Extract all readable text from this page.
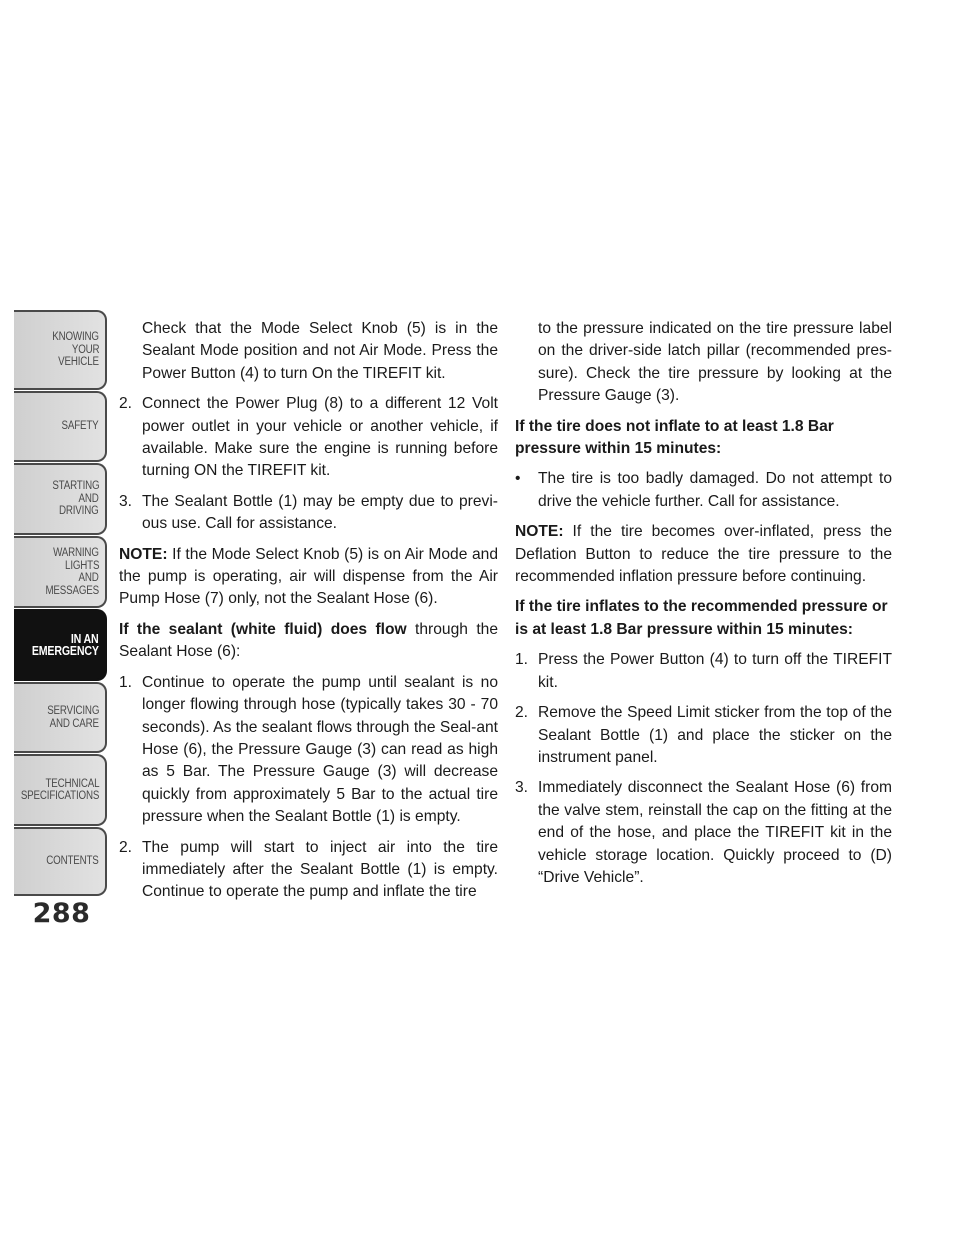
KNOWING
YOUR
VEHICLE
SAFETY
STARTING
AND
DRIVING
WARNING
LIGHTS
AND
MESSAGES
IN AN
EMERGENCY
SERVICING
AND CARE
TECHNICAL
SPECIFICATIONS
CONTENTS
288

Check that the Mode Select Knob (5) is in the Sealant Mode position and not Air Mode. Press the Power Button (4) to turn On the TIREFIT kit.

2. Connect the Power Plug (8) to a different 12 Volt power outlet in your vehicle or another vehicle, if available. Make sure the engine is running before turning ON the TIREFIT kit.
3. The Sealant Bottle (1) may be empty due to previ-ous use. Call for assistance.

NOTE: If the Mode Select Knob (5) is on Air Mode and the pump is operating, air will dispense from the Air Pump Hose (7) only, not the Sealant Hose (6).

If the sealant (white fluid) does flow through the Sealant Hose (6):

1. Continue to operate the pump until sealant is no longer flowing through hose (typically takes 30 - 70 seconds). As the sealant flows through the Seal-ant Hose (6), the Pressure Gauge (3) can read as high as 5 Bar. The Pressure Gauge (3) will decrease quickly from approximately 5 Bar to the actual tire pressure when the Sealant Bottle (1) is empty.
2. The pump will start to inject air into the tire immediately after the Sealant Bottle (1) is empty. Continue to operate the pump and inflate the tire

to the pressure indicated on the tire pressure label on the driver-side latch pillar (recommended pres-sure). Check the tire pressure by looking at the Pressure Gauge (3).

If the tire does not inflate to at least 1.8 Bar pressure within 15 minutes:

•	The tire is too badly damaged. Do not attempt to drive the vehicle further. Call for assistance.

NOTE: If the tire becomes over-inflated, press the Deflation Button to reduce the tire pressure to the recommended inflation pressure before continuing.

If the tire inflates to the recommended pressure or is at least 1.8 Bar pressure within 15 minutes:

1. Press the Power Button (4) to turn off the TIREFIT kit.
2. Remove the Speed Limit sticker from the top of the Sealant Bottle (1) and place the sticker on the instrument panel.
3. Immediately disconnect the Sealant Hose (6) from the valve stem, reinstall the cap on the fitting at the end of the hose, and place the TIREFIT kit in the vehicle storage location. Quickly proceed to (D) “Drive Vehicle”.
